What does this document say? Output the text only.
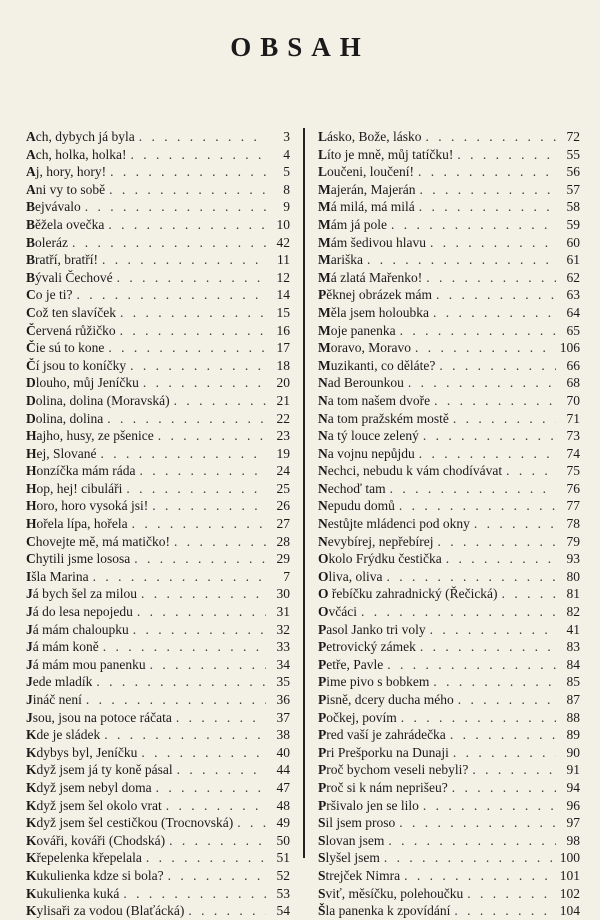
OBSAH
Ach, dybych já byla . . .	3
Ach, holka, holka! . . .	4
Aj, hory, hory! . . .	5
Ani vy to sobě . . .	8
Bejvávalo . . .	9
Běžela ovečka . . .	10
Boleráz . . .	42
Bratří, bratří! . . .	11
Bývali Čechové . . .	12
Co je ti? . . .	14
Což ten slavíček . . .	15
Červená růžičko . . .	16
Čie sú to kone . . .	17
Čí jsou to koníčky . . .	18
Dlouho, můj Jeníčku . . .	20
Dolina, dolina (Moravská) . . .	21
Dolina, dolina . . .	22
Hajho, husy, ze pšenice . . .	23
Hej, Slované . . .	19
Honzíčka mám ráda . . .	24
Hop, hej! cibuláři . . .	25
Horo, horo vysoká jsi! . . .	26
Hořela lípa, hořela . . .	27
Chovejte mě, má matičko! . . .	28
Chytili jsme lososa . . .	29
Išla Marina . . .	7
Já bych šel za milou . . .	30
Já do lesa nepojedu . . .	31
Já mám chaloupku . . .	32
Já mám koně . . .	33
Já mám mou panenku . . .	34
Jede mladík . . .	35
Jináč není . . .	36
Jsou, jsou na potoce ráčata . . .	37
Kde je sládek . . .	38
Kdybys byl, Jeníčku . . .	40
Když jsem já ty koně pásal . . .	44
Když jsem nebyl doma . . .	47
Když jsem šel okolo vrat . . .	48
Když jsem šel cestičkou (Trocnovská) . . .	49
Kováři, kováři (Chodská) . . .	50
Křepelenka křepelala . . .	51
Kukulienka kdze si bola? . . .	52
Kukulienka kuká . . .	53
Kylisaři za vodou (Blaťácká) . . .	54
Lásko, Bože, lásko . . .	72
Líto je mně, můj tatíčku! . . .	55
Loučeni, loučení! . . .	56
Majerán, Majerán . . .	57
Má milá, má milá . . .	58
Mám já pole . . .	59
Mám šedivou hlavu . . .	60
Mariška . . .	61
Má zlatá Mařenko! . . .	62
Pěknej obrázek mám . . .	63
Měla jsem holoubka . . .	64
Moje panenka . . .	65
Moravo, Moravo . . .	106
Muzikanti, co děláte? . . .	66
Nad Berounkou . . .	68
Na tom našem dvoře . . .	70
Na tom pražském mostě . . .	71
Na tý louce zelený . . .	73
Na vojnu nepůjdu . . .	74
Nechci, nebudu k vám chodívávat . . .	75
Nechoď tam . . .	76
Nepudu domů . . .	77
Nestůjte mládenci pod okny . . .	78
Nevybírej, nepřebírej . . .	79
Okolo Frýdku čestička . . .	93
Oliva, oliva . . .	80
O řebíčku zahradnický (Řečická) . . .	81
Ovčáci . . .	82
Pasol Janko tri voly . . .	41
Petrovický zámek . . .	83
Petře, Pavle . . .	84
Pime pivo s bobkem . . .	85
Pisně, dcery ducha mého . . .	87
Počkej, povím . . .	88
Pred vaší je zahrádečka . . .	89
Pri Prešporku na Dunaji . . .	90
Proč bychom veseli nebyli? . . .	91
Proč si k nám neprišeu? . . .	94
Pršivalo jen se lilo . . .	96
Sil jsem proso . . .	97
Slovan jsem . . .	98
Slyšel jsem . . .	100
Strejček Nimra . . .	101
Sviť, měsíčku, polehoučku . . .	102
Šla panenka k zpovídání . . .	104
